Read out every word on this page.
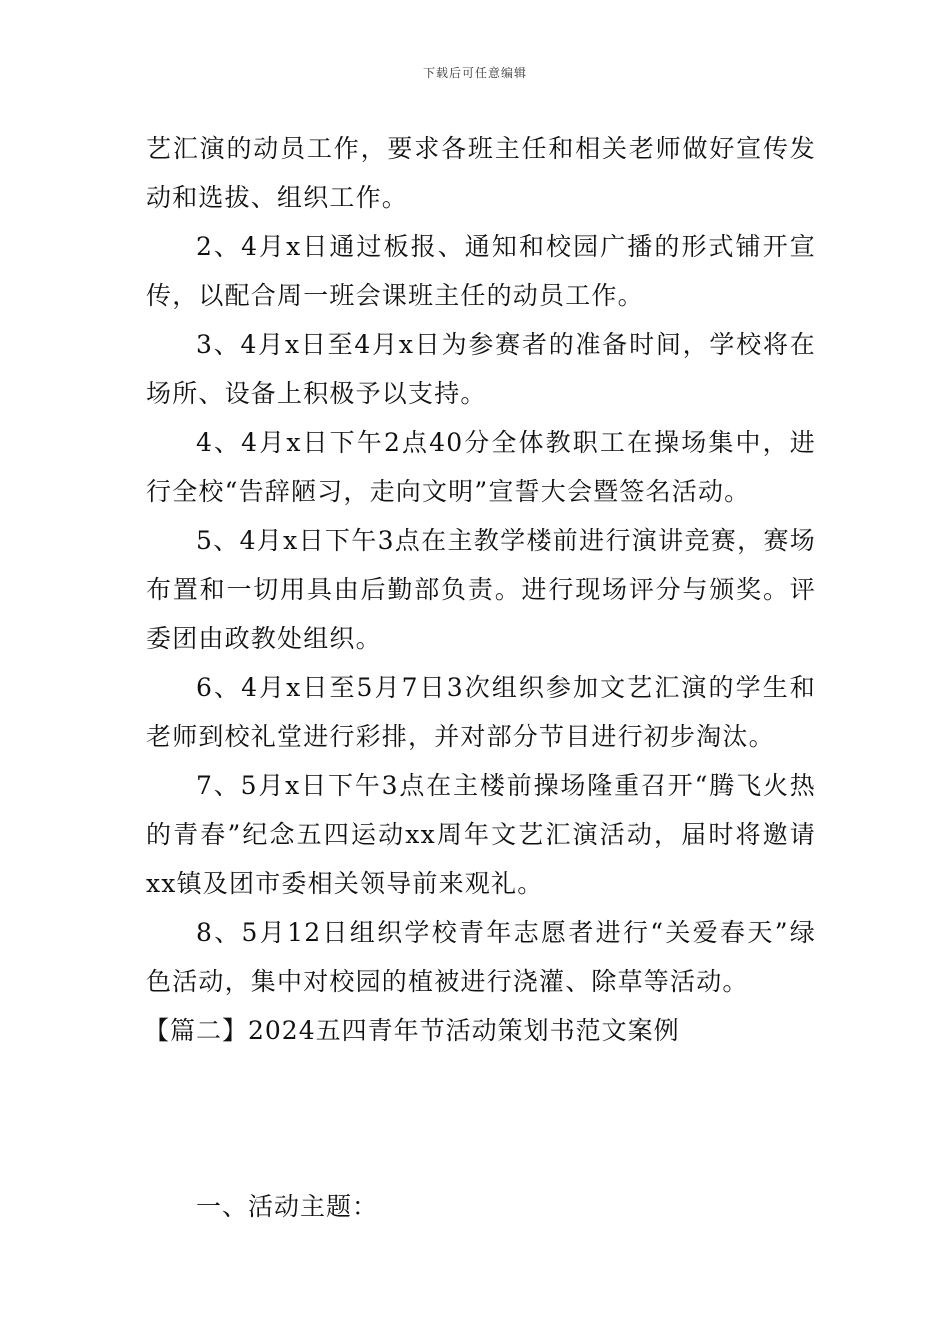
下载后可任意编辑

艺汇演的动员工作，要求各班主任和相关老师做好宣传发动和选拔、组织工作。

2、4月x日通过板报、通知和校园广播的形式铺开宣传，以配合周一班会课班主任的动员工作。

3、4月x日至4月x日为参赛者的准备时间，学校将在场所、设备上积极予以支持。

4、4月x日下午2点40分全体教职工在操场集中，进行全校“告辞陋习，走向文明”宣誓大会暨签名活动。

5、4月x日下午3点在主教学楼前进行演讲竞赛，赛场布置和一切用具由后勤部负责。进行现场评分与颁奖。评委团由政教处组织。

6、4月x日至5月7日3次组织参加文艺汇演的学生和老师到校礼堂进行彩排，并对部分节目进行初步淘汰。

7、5月x日下午3点在主楼前操场隆重召开“腾飞火热的青春”纪念五四运动xx周年文艺汇演活动，届时将邀请xx镇及团市委相关领导前来观礼。

8、5月12日组织学校青年志愿者进行“关爱春天”绿色活动，集中对校园的植被进行浇灌、除草等活动。

【篇二】2024五四青年节活动策划书范文案例

一、活动主题：
